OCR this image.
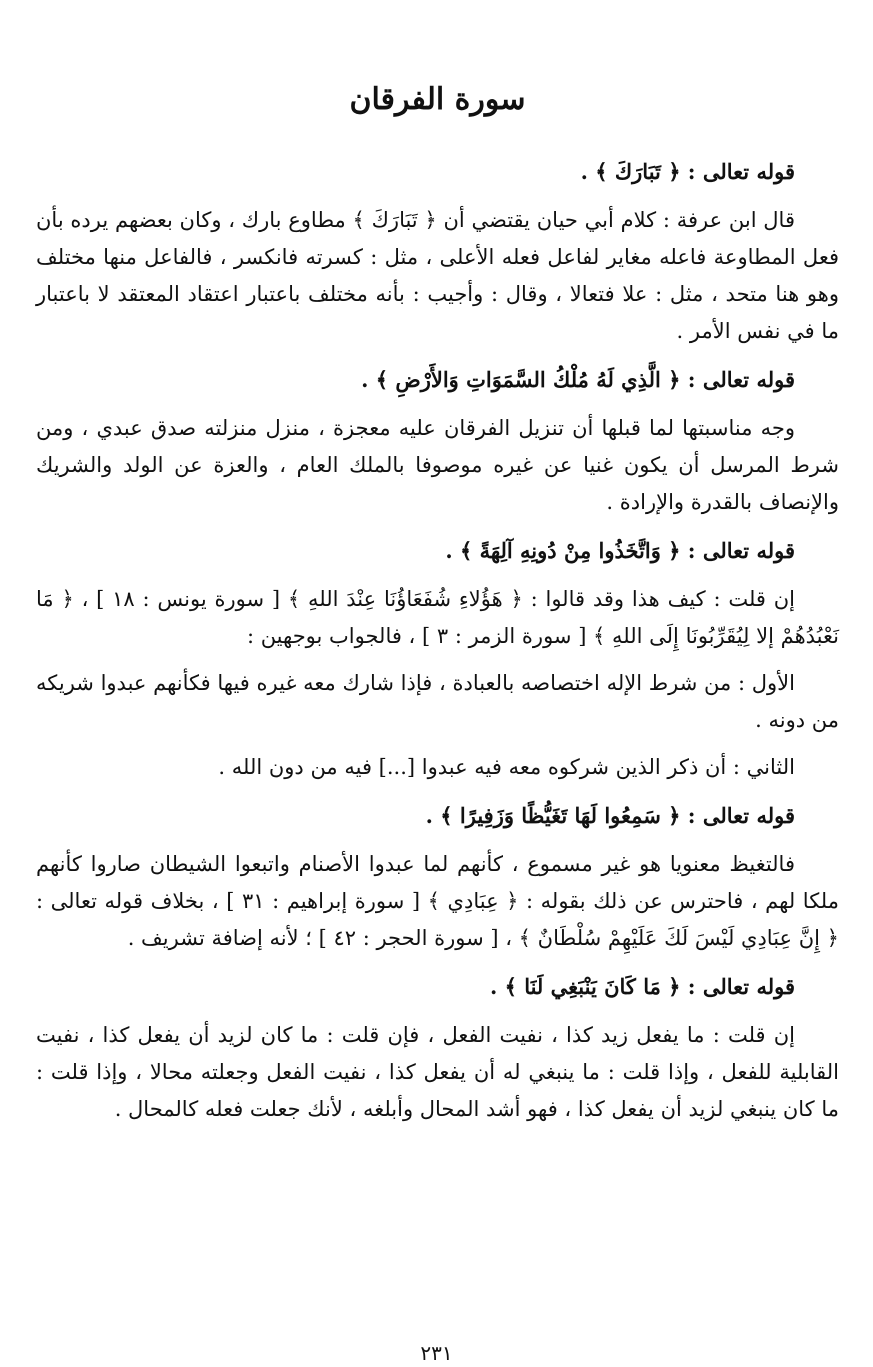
سورة الفرقان
قوله تعالى : ﴿ تَبَارَكَ ﴾ .
قال ابن عرفة : كلام أبي حيان يقتضي أن ﴿ تَبَارَكَ ﴾ مطاوع بارك ، وكان بعضهم يرده بأن فعل المطاوعة فاعله مغاير لفاعل فعله الأعلى ، مثل : كسرته فانكسر ، فالفاعل منها مختلف وهو هنا متحد ، مثل : علا فتعالا ، وقال : وأجيب : بأنه مختلف باعتبار اعتقاد المعتقد لا باعتبار ما في نفس الأمر .
قوله تعالى : ﴿ الَّذِي لَهُ مُلْكُ السَّمَوَاتِ وَالأَرْضِ ﴾ .
وجه مناسبتها لما قبلها أن تنزيل الفرقان عليه معجزة ، منزل منزلته صدق عبدي ، ومن شرط المرسل أن يكون غنيا عن غيره موصوفا بالملك العام ، والعزة عن الولد والشريك والإنصاف بالقدرة والإرادة .
قوله تعالى : ﴿ وَاتَّخَذُوا مِنْ دُونِهِ آلِهَةً ﴾ .
إن قلت : كيف هذا وقد قالوا : ﴿ هَؤُلاءِ شُفَعَاؤُنَا عِنْدَ اللهِ ﴾ [ سورة يونس : ١٨ ] ، ﴿ مَا نَعْبُدُهُمْ إلا لِيُقَرِّبُونَا إِلَى اللهِ ﴾ [ سورة الزمر : ٣ ] ، فالجواب بوجهين :
الأول : من شرط الإله اختصاصه بالعبادة ، فإذا شارك معه غيره فيها فكأنهم عبدوا شريكه من دونه .
الثاني : أن ذكر الذين شركوه معه فيه عبدوا [...] فيه من دون الله .
قوله تعالى : ﴿ سَمِعُوا لَهَا تَغَيُّظًا وَزَفِيرًا ﴾ .
فالتغيظ معنويا هو غير مسموع ، كأنهم لما عبدوا الأصنام واتبعوا الشيطان صاروا كأنهم ملكا لهم ، فاحترس عن ذلك بقوله : ﴿ عِبَادِي ﴾ [ سورة إبراهيم : ٣١ ] ، بخلاف قوله تعالى : ﴿ إِنَّ عِبَادِي لَيْسَ لَكَ عَلَيْهِمْ سُلْطَانٌ ﴾ ، [ سورة الحجر : ٤٢ ] ؛ لأنه إضافة تشريف .
قوله تعالى : ﴿ مَا كَانَ يَنْبَغِي لَنَا ﴾ .
إن قلت : ما يفعل زيد كذا ، نفيت الفعل ، فإن قلت : ما كان لزيد أن يفعل كذا ، نفيت القابلية للفعل ، وإذا قلت : ما ينبغي له أن يفعل كذا ، نفيت الفعل وجعلته محالا ، وإذا قلت : ما كان ينبغي لزيد أن يفعل كذا ، فهو أشد المحال وأبلغه ، لأنك جعلت فعله كالمحال .
٢٣١
